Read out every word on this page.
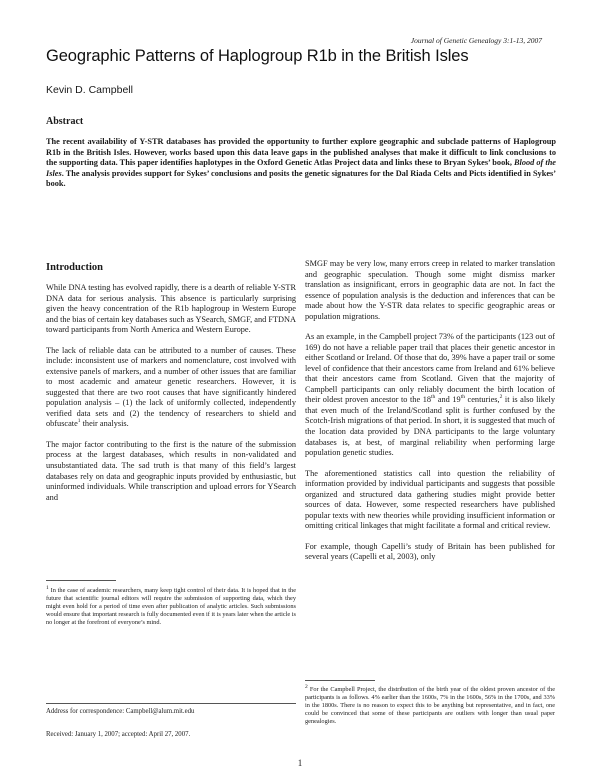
Journal of Genetic Genealogy 3:1-13, 2007
Geographic Patterns of Haplogroup R1b in the British Isles
Kevin D. Campbell
Abstract

The recent availability of Y-STR databases has provided the opportunity to further explore geographic and subclade patterns of Haplogroup R1b in the British Isles. However, works based upon this data leave gaps in the published analyses that make it difficult to link conclusions to the supporting data. This paper identifies haplotypes in the Oxford Genetic Atlas Project data and links these to Bryan Sykes’ book, Blood of the Isles. The analysis provides support for Sykes’ conclusions and posits the genetic signatures for the Dal Riada Celts and Picts identified in Sykes’ book.

Introduction

While DNA testing has evolved rapidly, there is a dearth of reliable Y-STR DNA data for serious analysis. This absence is particularly surprising given the heavy concentration of the R1b haplogroup in Western Europe and the bias of certain key databases such as YSearch, SMGF, and FTDNA toward participants from North America and Western Europe.

The lack of reliable data can be attributed to a number of causes. These include: inconsistent use of markers and nomenclature, cost involved with extensive panels of markers, and a number of other issues that are familiar to most academic and amateur genetic researchers. However, it is suggested that there are two root causes that have significantly hindered population analysis – (1) the lack of uniformly collected, independently verified data sets and (2) the tendency of researchers to shield and obfuscate$^1$ their analysis.

The major factor contributing to the first is the nature of the submission process at the largest databases, which results in non-validated and unsubstantiated data. The sad truth is that many of this field’s largest databases rely on data and geographic inputs provided by enthusiastic, but uninformed individuals. While transcription and upload errors for YSearch and

SMGF may be very low, many errors creep in related to marker translation and geographic speculation. Though some might dismiss marker translation as insignificant, errors in geographic data are not. In fact the essence of population analysis is the deduction and inferences that can be made about how the Y-STR data relates to specific geographic areas or population migrations.

As an example, in the Campbell project 73% of the participants (123 out of 169) do not have a reliable paper trail that places their genetic ancestor in either Scotland or Ireland. Of those that do, 39% have a paper trail or some level of confidence that their ancestors came from Ireland and 61% believe that their ancestors came from Scotland. Given that the majority of Campbell participants can only reliably document the birth location of their oldest proven ancestor to the 18th and 19th centuries,$^2$ it is also likely that even much of the Ireland/Scotland split is further confused by the Scotch-Irish migrations of that period. In short, it is suggested that much of the location data provided by DNA participants to the large voluntary databases is, at best, of marginal reliability when performing large population genetic studies.

The aforementioned statistics call into question the reliability of information provided by individual participants and suggests that possible organized and structured data gathering studies might provide better sources of data. However, some respected researchers have published popular texts with new theories while providing insufficient information or omitting critical linkages that might facilitate a formal and critical review.

For example, though Capelli’s study of Britain has been published for several years (Capelli et al, 2003), only

$^1$ In the case of academic researchers, many keep tight control of their data. It is hoped that in the future that scientific journal editors will require the submission of supporting data, which they might even hold for a period of time even after publication of analytic articles. Such submissions would ensure that important research is fully documented even if it is years later when the article is no longer at the forefront of everyone’s mind.

$^2$ For the Campbell Project, the distribution of the birth year of the oldest proven ancestor of the participants is as follows. 4% earlier than the 1600s, 7% in the 1600s, 56% in the 1700s, and 33% in the 1800s. There is no reason to expect this to be anything but representative, and in fact, one could be convinced that some of these participants are outliers with longer than usual paper genealogies.

Address for correspondence: Campbell@alum.mit.edu
Received: January 1, 2007; accepted: April 27, 2007.
1
